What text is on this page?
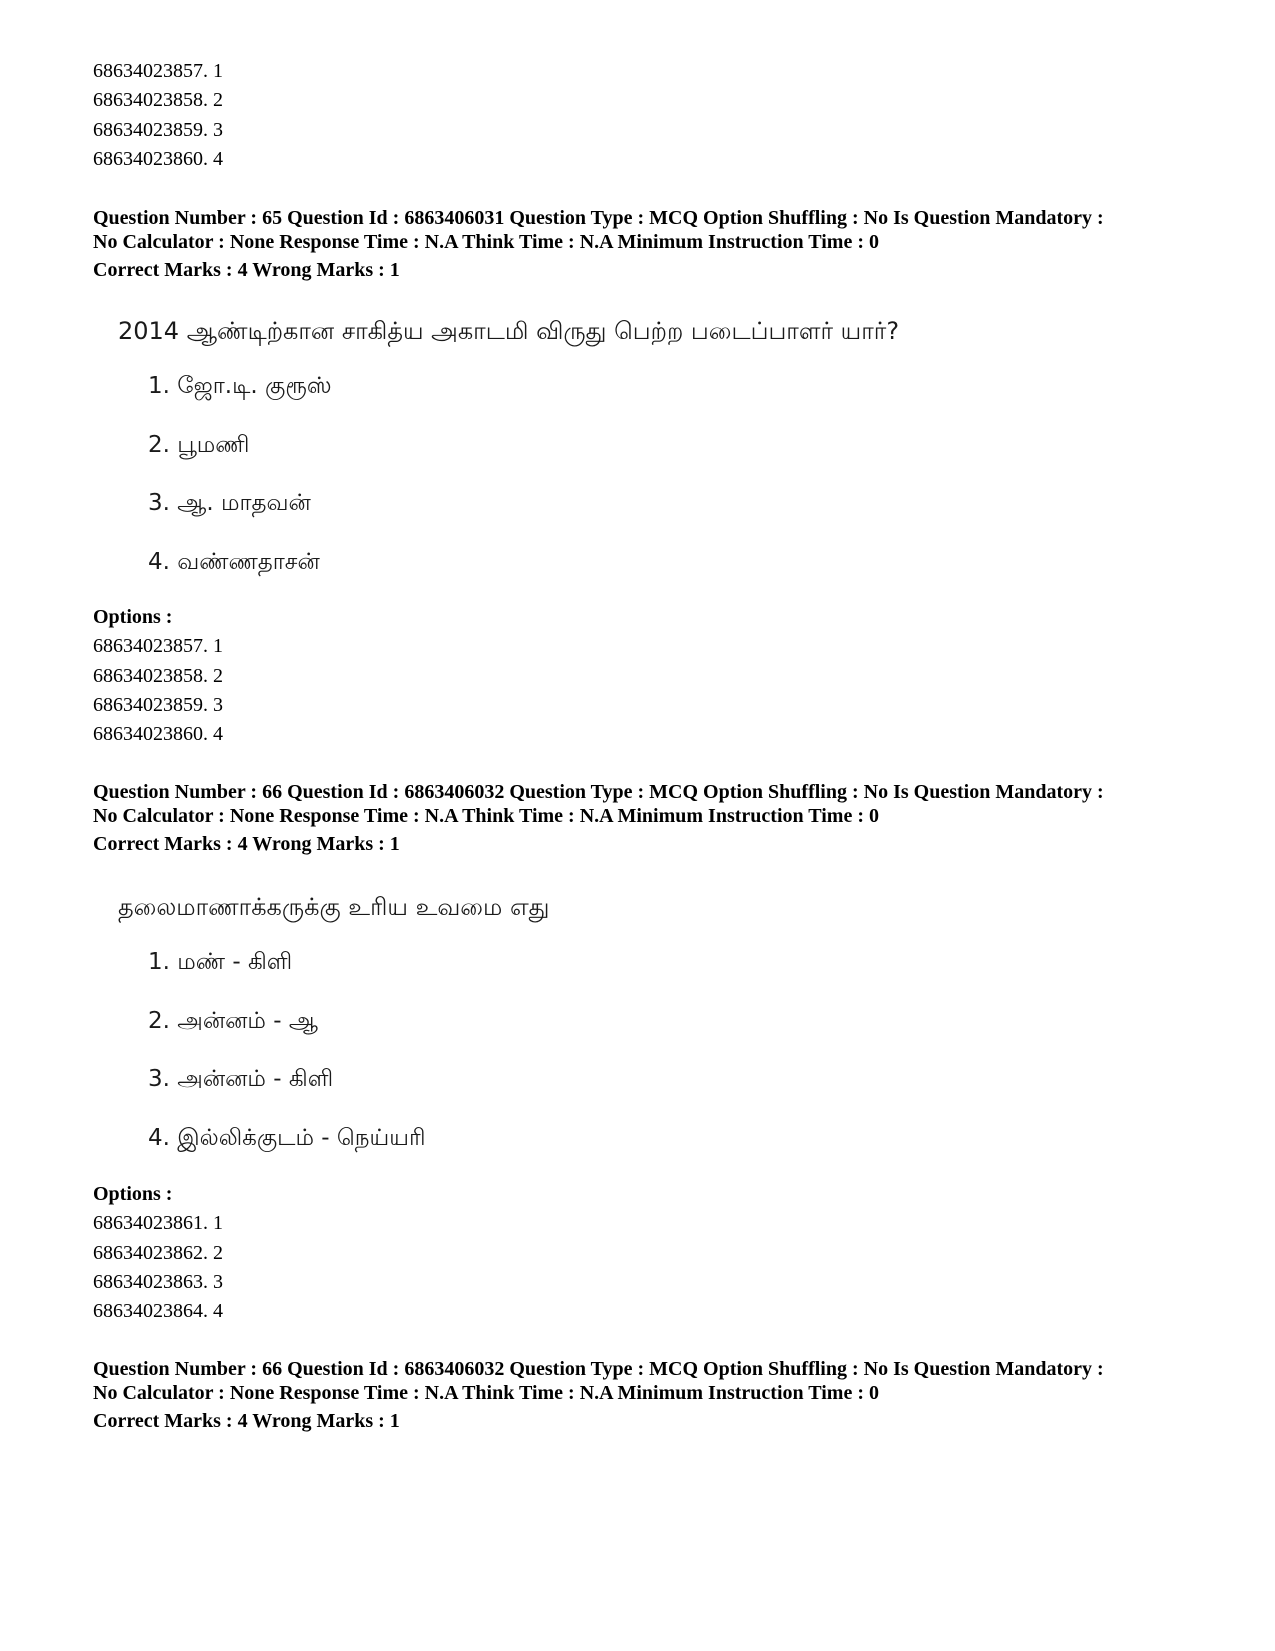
68634023857. 1
68634023858. 2
68634023859. 3
68634023860. 4
Question Number : 65 Question Id : 6863406031 Question Type : MCQ Option Shuffling : No Is Question Mandatory :
No Calculator : None Response Time : N.A Think Time : N.A Minimum Instruction Time : 0
Correct Marks : 4 Wrong Marks : 1
2014 ஆண்டிற்கான சாகித்ய அகாடமி விருது பெற்ற படைப்பாளர் யார்?
1. ஜோ.டி. குரூஸ்
2. பூமணி
3. ஆ. மாதவன்
4. வண்ணதாசன்
Options :
68634023857. 1
68634023858. 2
68634023859. 3
68634023860. 4
Question Number : 66 Question Id : 6863406032 Question Type : MCQ Option Shuffling : No Is Question Mandatory :
No Calculator : None Response Time : N.A Think Time : N.A Minimum Instruction Time : 0
Correct Marks : 4 Wrong Marks : 1
தலைமாணாக்கருக்கு உரிய உவமை எது
1. மண் - கிளி
2. அன்னம் - ஆ
3. அன்னம் - கிளி
4. இல்லிக்குடம் - நெய்யரி
Options :
68634023861. 1
68634023862. 2
68634023863. 3
68634023864. 4
Question Number : 66 Question Id : 6863406032 Question Type : MCQ Option Shuffling : No Is Question Mandatory :
No Calculator : None Response Time : N.A Think Time : N.A Minimum Instruction Time : 0
Correct Marks : 4 Wrong Marks : 1
